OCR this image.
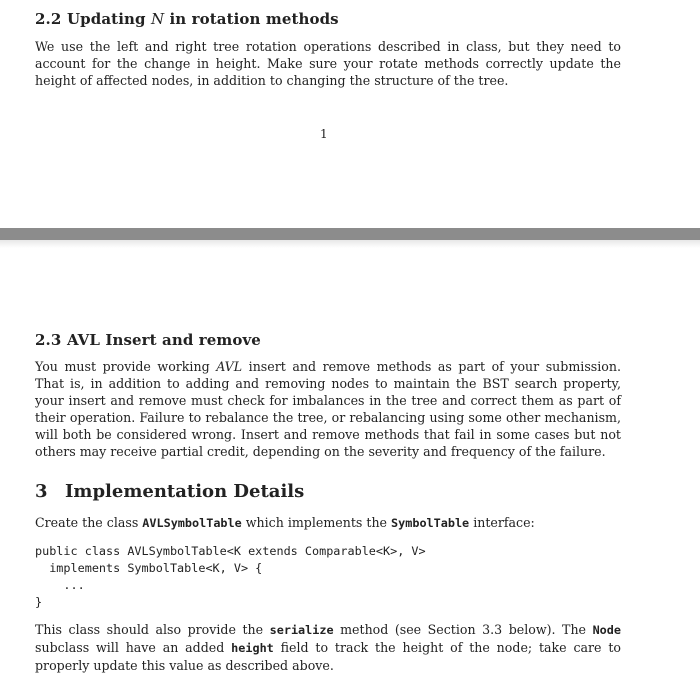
2.2 Updating N in rotation methods

We use the left and right tree rotation operations described in class, but they need to account for the change in height. Make sure your rotate methods correctly update the height of affected nodes, in addition to changing the structure of the tree.

1
2.3 AVL Insert and remove

You must provide working AVL insert and remove methods as part of your submission. That is, in addition to adding and removing nodes to maintain the BST search property, your insert and remove must check for imbalances in the tree and correct them as part of their operation. Failure to rebalance the tree, or rebalancing using some other mechanism, will both be considered wrong. Insert and remove methods that fail in some cases but not others may receive partial credit, depending on the severity and frequency of the failure.

3 Implementation Details

Create the class AVLSymbolTable which implements the SymbolTable interface:

public class AVLSymbolTable<K extends Comparable<K>, V>
implements SymbolTable<K, V> {
...
}

This class should also provide the serialize method (see Section 3.3 below). The Node subclass will have an added height field to track the height of the node; take care to properly update this value as described above.
